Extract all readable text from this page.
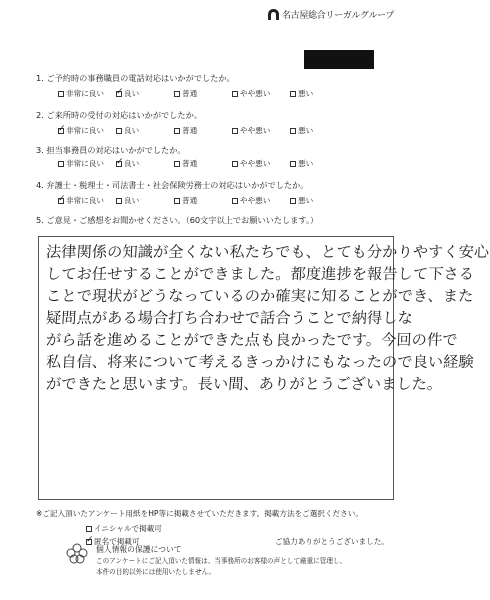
名古屋総合リーガルグループ
1. ご予約時の事務職員の電話対応はいかがでしたか。
非常に良い ✓	良い	普通	やや悪い	悪い
2. ご来所時の受付の対応はいかがでしたか。
✓
非常に良い	良い	普通	やや悪い	悪い
3. 担当事務員の対応はいかがでしたか。
非常に良い ✓	良い	普通	やや悪い	悪い
4. 弁護士・税理士・司法書士・社会保険労務士の対応はいかがでしたか。
✓
非常に良い	良い	普通	やや悪い	悪い
5. ご意見・ご感想をお聞かせください。（60文字以上でお願いいたします。）
法律関係の知識が全くない私たちでも、とても分かりやすく安心
してお任せすることができました。都度進捗を報告して下さる
ことで現状がどうなっているのか確実に知ることができ、また
疑問点がある場合打ち合わせで話合うことで納得しな
がら話を進めることができた点も良かったです。今回の件で
私自信、将来について考えるきっかけにもなったので良い経験
ができたと思います。長い間、ありがとうございました。
※ご記入頂いたアンケート用紙をHP等に掲載させていただきます。掲載方法をご選択ください。
イニシャルで掲載可
✓
匿名で掲載可	ご協力ありがとうございました。
個人情報の保護について
このアンケートにご記入頂いた情報は、当事務所のお客様の声として厳重に管理し、
本件の目的以外には使用いたしません。
